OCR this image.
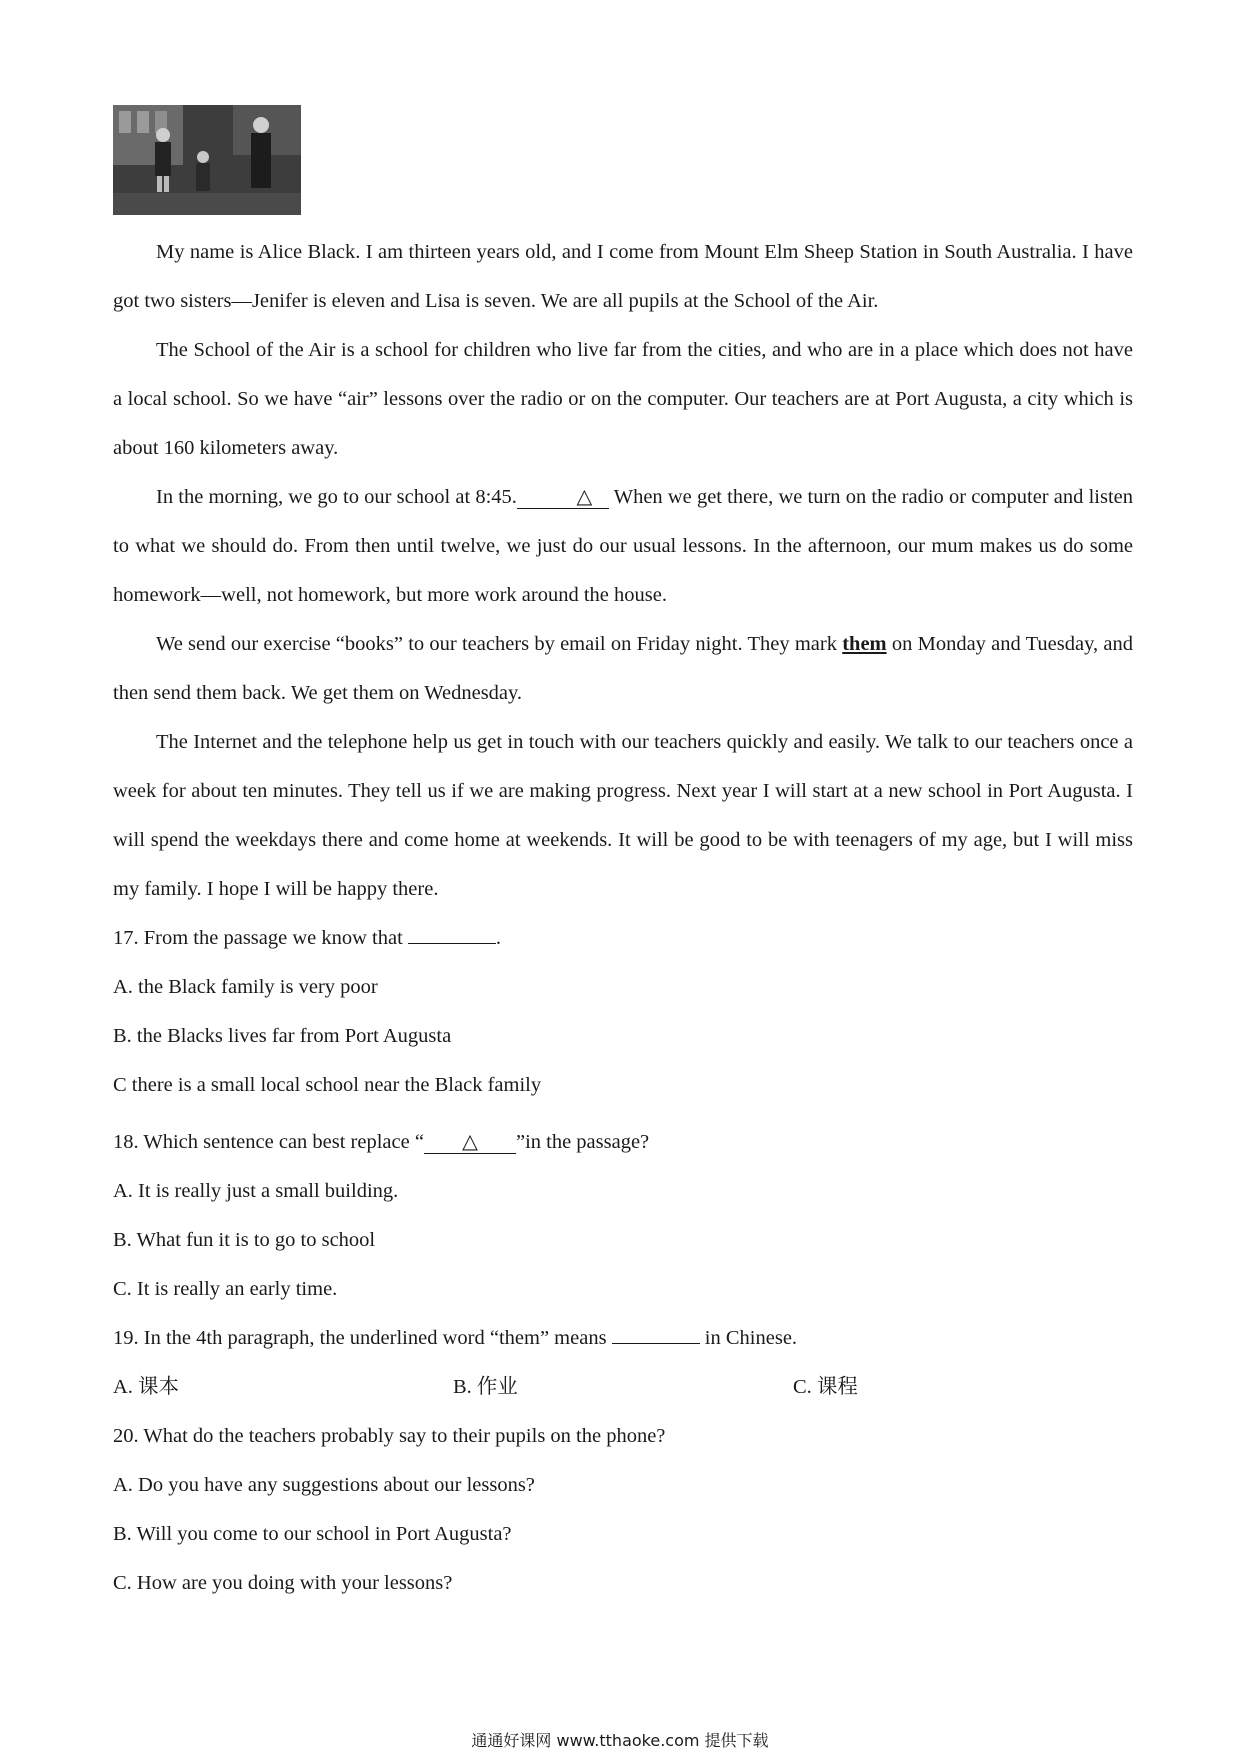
My name is Alice Black. I am thirteen years old, and I come from Mount Elm Sheep Station in South Australia. I have got two sisters—Jenifer is eleven and Lisa is seven. We are all pupils at the School of the Air.

The School of the Air is a school for children who live far from the cities, and who are in a place which does not have a local school. So we have “air” lessons over the radio or on the computer. Our teachers are at Port Augusta, a city which is about 160 kilometers away.

In the morning, we go to our school at 8:45.	△ When we get there, we turn on the radio or computer and listen to what we should do. From then until twelve, we just do our usual lessons. In the afternoon, our mum makes us do some homework—well, not homework, but more work around the house.

We send our exercise “books” to our teachers by email on Friday night. They mark them on Monday and Tuesday, and then send them back. We get them on Wednesday.

The Internet and the telephone help us get in touch with our teachers quickly and easily. We talk to our teachers once a week for about ten minutes. They tell us if we are making progress. Next year I will start at a new school in Port Augusta. I will spend the weekdays there and come home at weekends. It will be good to be with teenagers of my age, but I will miss my family. I hope I will be happy there.

17. From the passage we know that	.

A. the Black family is very poor

B. the Blacks lives far from Port Augusta

C there is a small local school near the Black family

18. Which sentence can best replace “ △ ”in the passage?

A. It is really just a small building.

B. What fun it is to go to school

C. It is really an early time.

19. In the 4th paragraph, the underlined word “them” means	in Chinese.

A. 课本	B. 作业	C. 课程

20. What do the teachers probably say to their pupils on the phone?

A. Do you have any suggestions about our lessons?

B. Will you come to our school in Port Augusta?

C. How are you doing with your lessons?

通通好课网 www.tthaoke.com 提供下载
